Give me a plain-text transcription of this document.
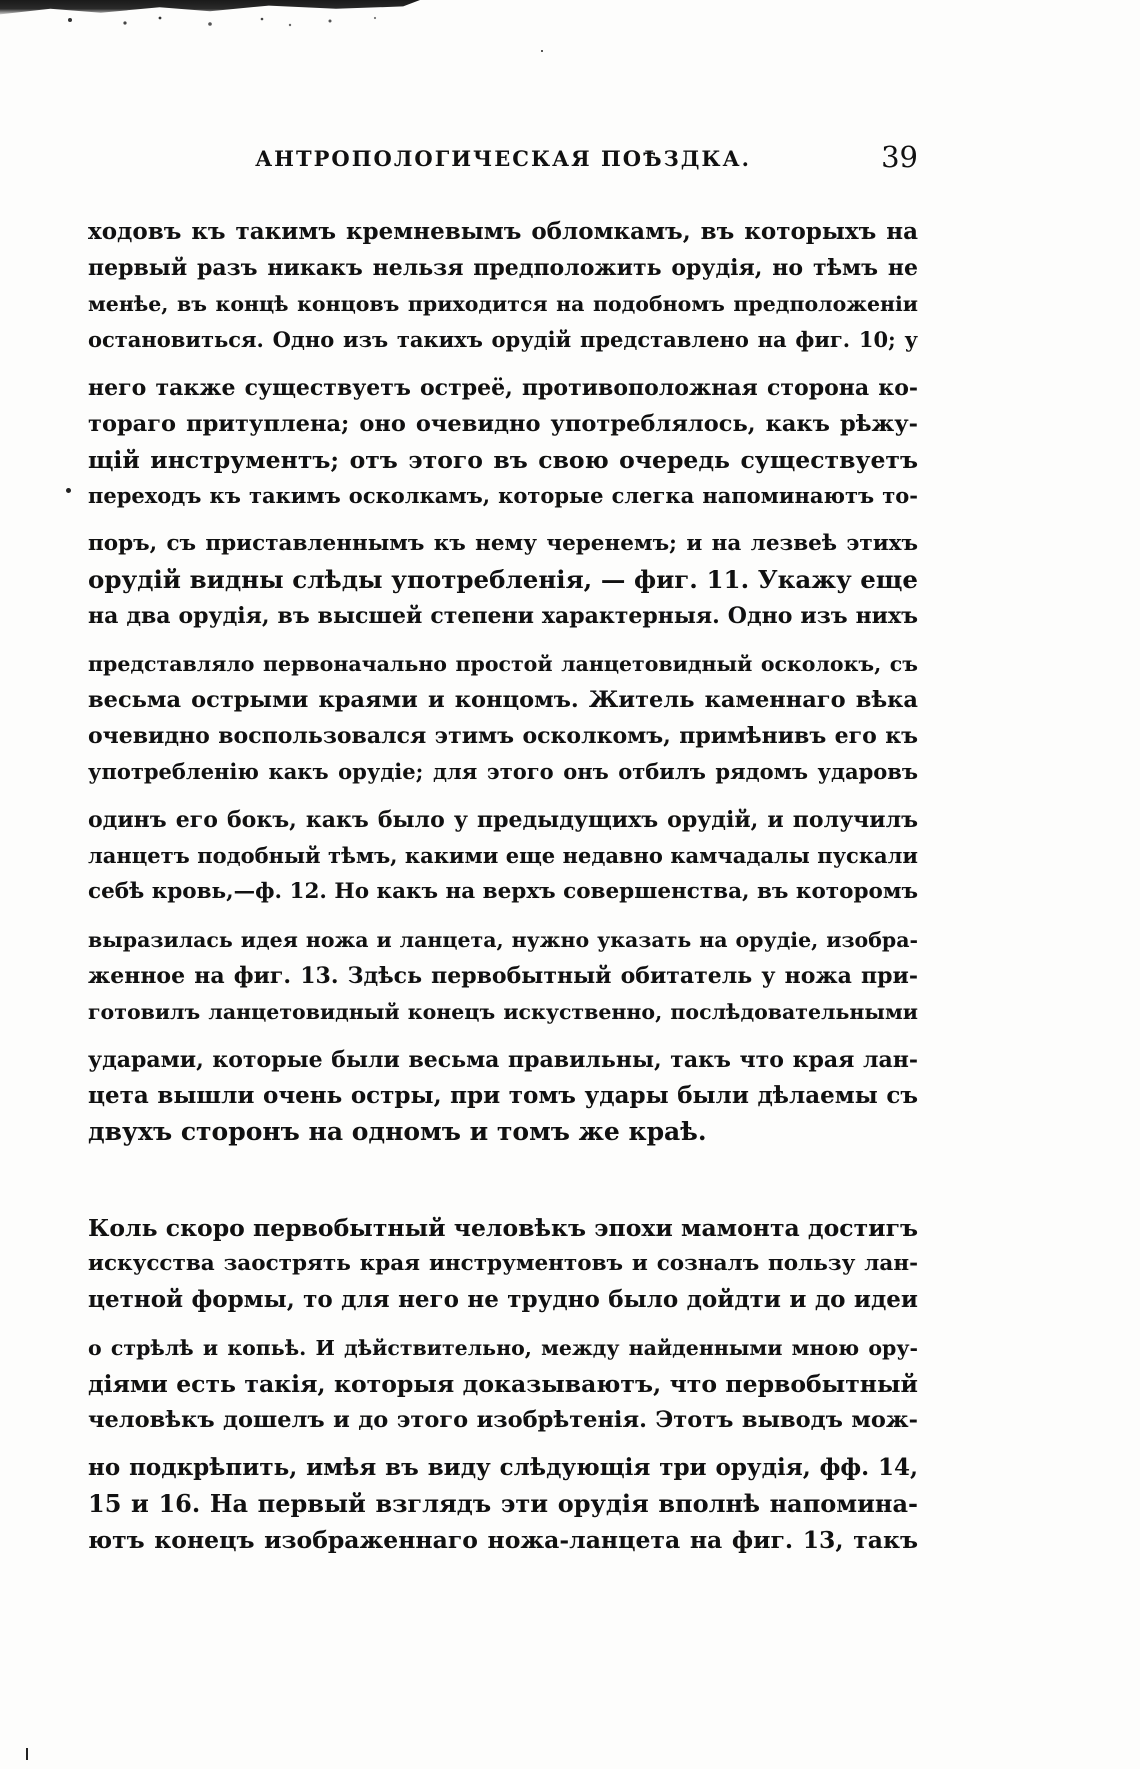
АНТРОПОЛОГИЧЕСКАЯ ПОѢЗДКА.	39
ходовъ къ такимъ кремневымъ обломкамъ, въ которыхъ на
первый разъ никакъ нельзя предположить орудія, но тѣмъ не
менѣе, въ концѣ концовъ приходится на подобномъ предположеніи
остановиться. Одно изъ такихъ орудій представлено на фиг. 10; у
него также существуетъ остреё, противоположная сторона ко-
тораго притуплена; оно очевидно употреблялось, какъ рѣжу-
щій инструментъ; отъ этого въ свою очередь существуетъ
переходъ къ такимъ осколкамъ, которые слегка напоминаютъ то-
поръ, съ приставленнымъ къ нему черенемъ; и на лезвеѣ этихъ
орудій видны слѣды употребленія, — фиг. 11. Укажу еще
на два орудія, въ высшей степени характерныя. Одно изъ нихъ
представляло первоначально простой ланцетовидный осколокъ, съ
весьма острыми краями и концомъ. Житель каменнаго вѣка
очевидно воспользовался этимъ осколкомъ, примѣнивъ его къ
употребленію какъ орудіе; для этого онъ отбилъ рядомъ ударовъ
одинъ его бокъ, какъ было у предыдущихъ орудій, и получилъ
ланцетъ подобный тѣмъ, какими еще недавно камчадалы пускали
себѣ кровь,—ф. 12. Но какъ на верхъ совершенства, въ которомъ
выразилась идея ножа и ланцета, нужно указать на орудіе, изобра-
женное на фиг. 13. Здѣсь первобытный обитатель у ножа при-
готовилъ ланцетовидный конецъ искуственно, послѣдовательными
ударами, которые были весьма правильны, такъ что края лан-
цета вышли очень остры, при томъ удары были дѣлаемы съ
двухъ сторонъ на одномъ и томъ же краѣ.
Коль скоро первобытный человѣкъ эпохи мамонта достигъ
искусства заострять края инструментовъ и созналъ пользу лан-
цетной формы, то для него не трудно было дойдти и до идеи
о стрѣлѣ и копьѣ. И дѣйствительно, между найденными мною ору-
діями есть такія, которыя доказываютъ, что первобытный
человѣкъ дошелъ и до этого изобрѣтенія. Этотъ выводъ мож-
но подкрѣпить, имѣя въ виду слѣдующія три орудія, фф. 14,
15 и 16. На первый взглядъ эти орудія вполнѣ напомина-
ютъ конецъ изображеннаго ножа-ланцета на фиг. 13, такъ
